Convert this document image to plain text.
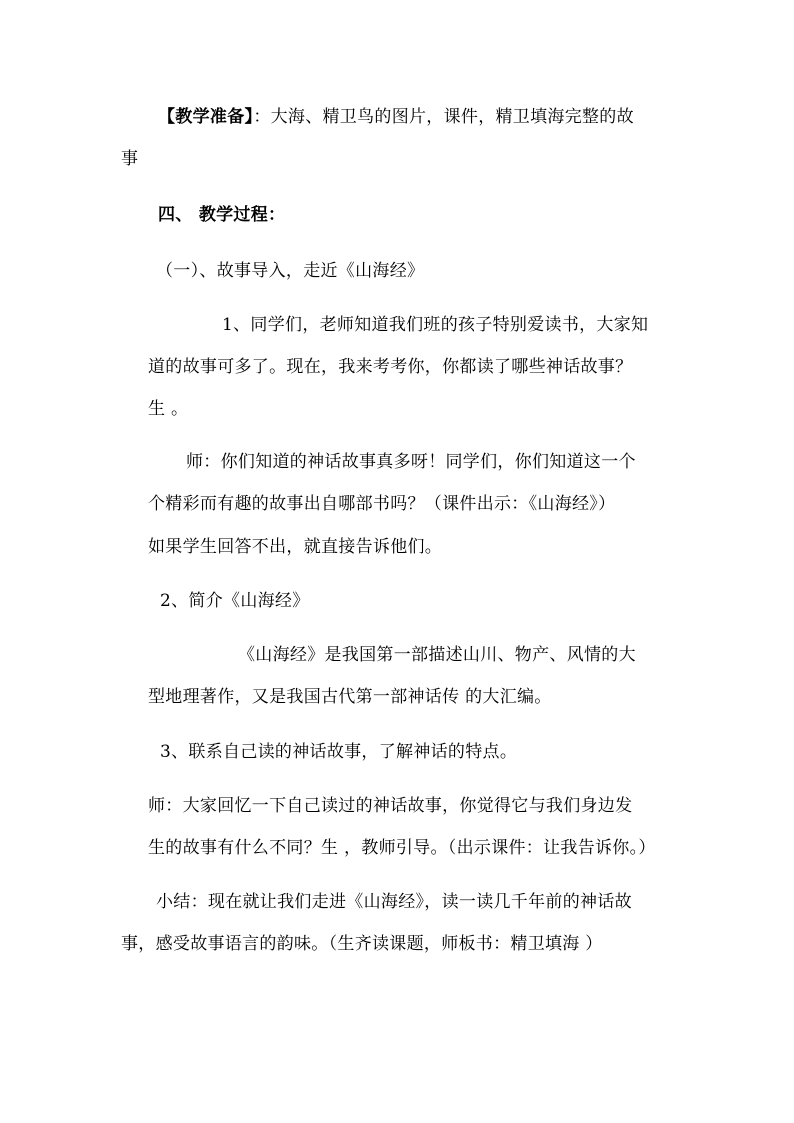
【教学准备】：大海、精卫鸟的图片，课件，精卫填海完整的故
事
四、 教学过程：
（一）、故事导入，走近《山海经》
1、同学们，老师知道我们班的孩子特别爱读书，大家知
道的故事可多了。现在，我来考考你，你都读了哪些神话故事？
生 。
师：你们知道的神话故事真多呀！同学们，你们知道这一个
个精彩而有趣的故事出自哪部书吗？（课件出示：《山海经》）
如果学生回答不出，就直接告诉他们。
2、简介《山海经》
《山海经》是我国第一部描述山川、物产、风情的大
型地理著作，又是我国古代第一部神话传 的大汇编。
3、联系自己读的神话故事，了解神话的特点。
师：大家回忆一下自己读过的神话故事，你觉得它与我们身边发
生的故事有什么不同？生 ，教师引导。（出示课件：让我告诉你。）
小结：现在就让我们走进《山海经》，读一读几千年前的神话故
事，感受故事语言的韵味。（生齐读课题，师板书：精卫填海 ）
